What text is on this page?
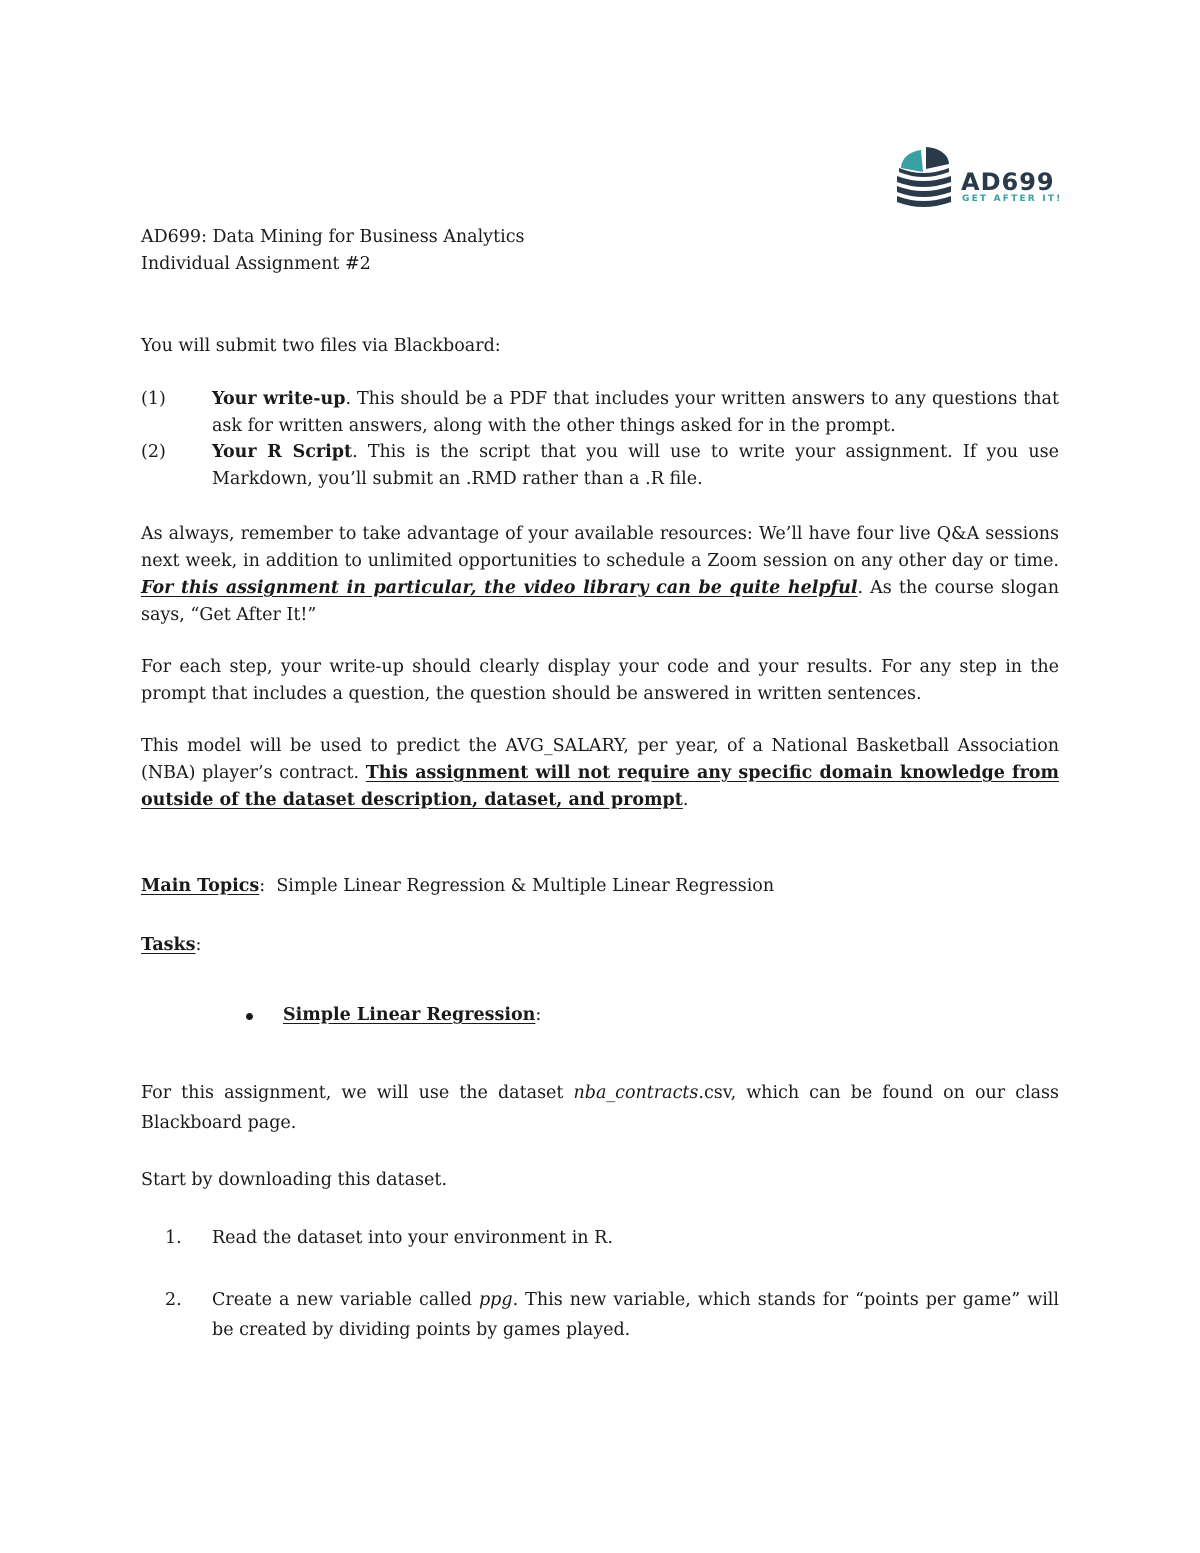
AD699
GET AFTER IT!

AD699: Data Mining for Business Analytics
Individual Assignment #2

You will submit two files via Blackboard:

(1)	Your write-up. This should be a PDF that includes your written answers to any questions that ask for written answers, along with the other things asked for in the prompt.

(2)	Your R Script. This is the script that you will use to write your assignment. If you use Markdown, you’ll submit an .RMD rather than a .R file.

As always, remember to take advantage of your available resources: We’ll have four live Q&A sessions next week, in addition to unlimited opportunities to schedule a Zoom session on any other day or time. For this assignment in particular, the video library can be quite helpful. As the course slogan says, “Get After It!”

For each step, your write-up should clearly display your code and your results. For any step in the prompt that includes a question, the question should be answered in written sentences.

This model will be used to predict the AVG_SALARY, per year, of a National Basketball Association (NBA) player’s contract. This assignment will not require any specific domain knowledge from outside of the dataset description, dataset, and prompt.

Main Topics: Simple Linear Regression & Multiple Linear Regression

Tasks:

Simple Linear Regression:

For this assignment, we will use the dataset nba_contracts.csv, which can be found on our class Blackboard page.

Start by downloading this dataset.

1. Read the dataset into your environment in R.

2. Create a new variable called ppg. This new variable, which stands for “points per game” will be created by dividing points by games played.
